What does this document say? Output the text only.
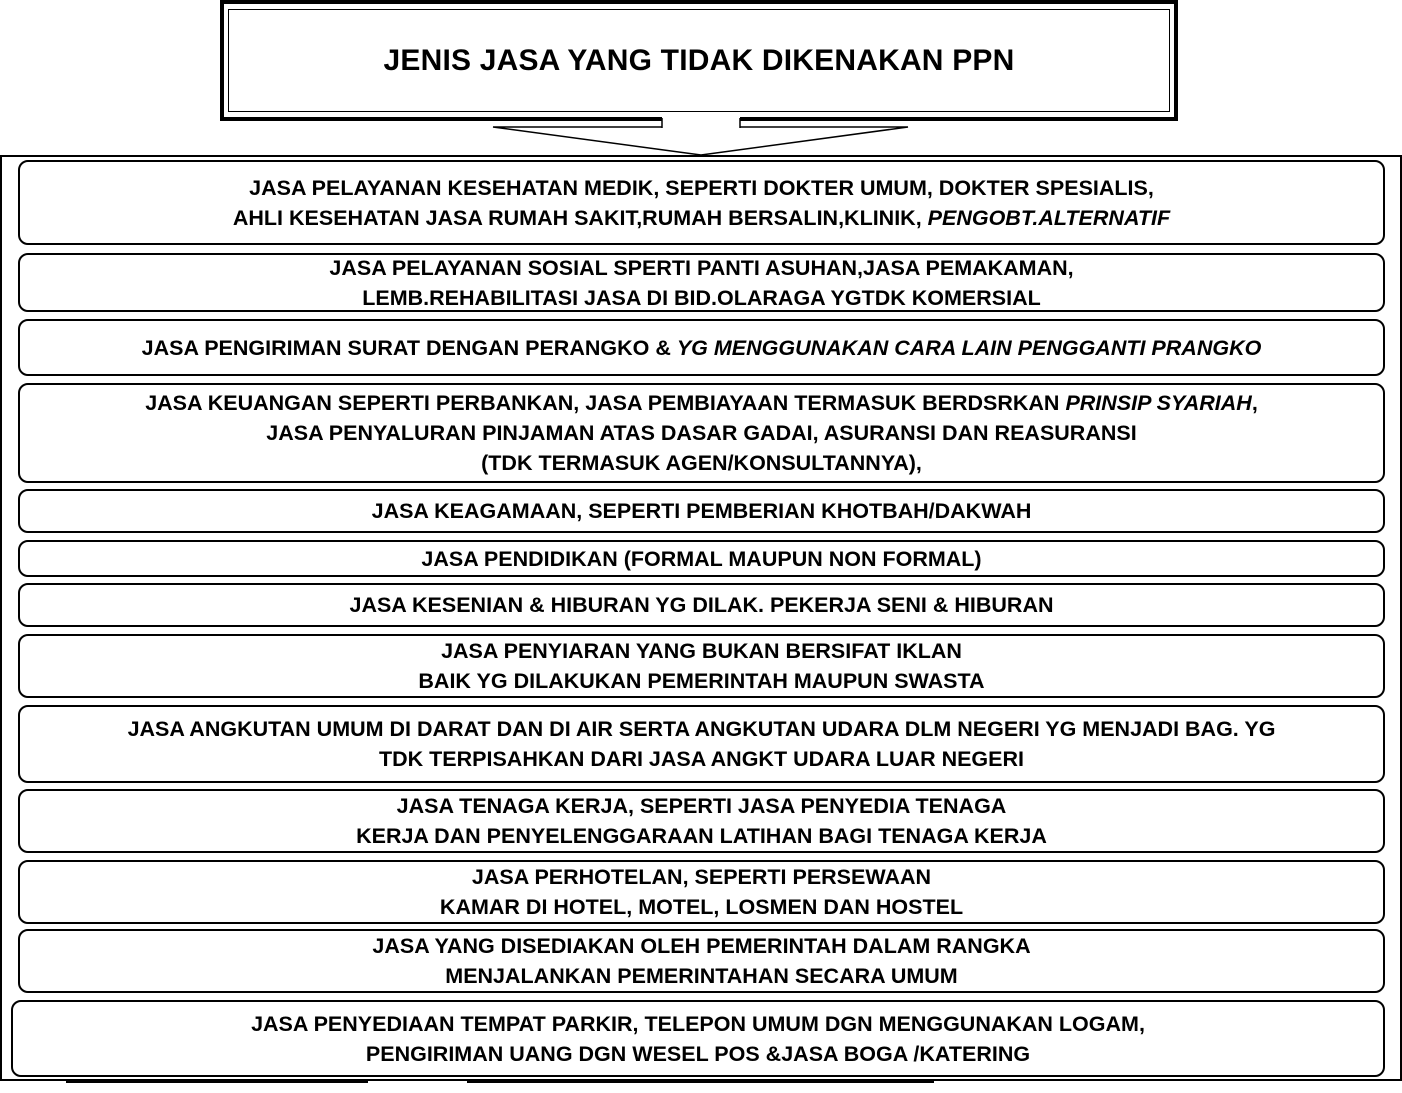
JENIS JASA YANG TIDAK DIKENAKAN PPN
JASA PELAYANAN KESEHATAN MEDIK, SEPERTI DOKTER UMUM, DOKTER SPESIALIS,
AHLI KESEHATAN JASA RUMAH SAKIT,RUMAH BERSALIN,KLINIK, PENGOBT.ALTERNATIF
JASA PELAYANAN SOSIAL SPERTI PANTI ASUHAN,JASA PEMAKAMAN,
LEMB.REHABILITASI JASA DI BID.OLARAGA YGTDK KOMERSIAL
JASA PENGIRIMAN SURAT DENGAN PERANGKO & YG MENGGUNAKAN CARA LAIN PENGGANTI PRANGKO
JASA KEUANGAN SEPERTI PERBANKAN, JASA PEMBIAYAAN TERMASUK BERDSRKAN PRINSIP SYARIAH,
JASA PENYALURAN PINJAMAN ATAS DASAR GADAI, ASURANSI DAN REASURANSI
(TDK TERMASUK AGEN/KONSULTANNYA),
JASA KEAGAMAAN, SEPERTI PEMBERIAN KHOTBAH/DAKWAH
JASA PENDIDIKAN (FORMAL MAUPUN NON FORMAL)
JASA KESENIAN & HIBURAN YG DILAK. PEKERJA SENI & HIBURAN
JASA PENYIARAN YANG BUKAN BERSIFAT IKLAN
BAIK YG DILAKUKAN PEMERINTAH MAUPUN SWASTA
JASA ANGKUTAN UMUM DI DARAT DAN DI AIR SERTA ANGKUTAN UDARA DLM NEGERI YG MENJADI BAG. YG
TDK TERPISAHKAN DARI JASA ANGKT UDARA LUAR NEGERI
JASA TENAGA KERJA, SEPERTI JASA PENYEDIA TENAGA
KERJA DAN PENYELENGGARAAN LATIHAN BAGI TENAGA KERJA
JASA PERHOTELAN, SEPERTI PERSEWAAN
KAMAR DI HOTEL, MOTEL, LOSMEN DAN HOSTEL
JASA YANG DISEDIAKAN OLEH PEMERINTAH DALAM RANGKA
MENJALANKAN PEMERINTAHAN SECARA UMUM
JASA PENYEDIAAN TEMPAT PARKIR, TELEPON UMUM DGN MENGGUNAKAN LOGAM,
PENGIRIMAN UANG DGN WESEL POS &JASA BOGA /KATERING
